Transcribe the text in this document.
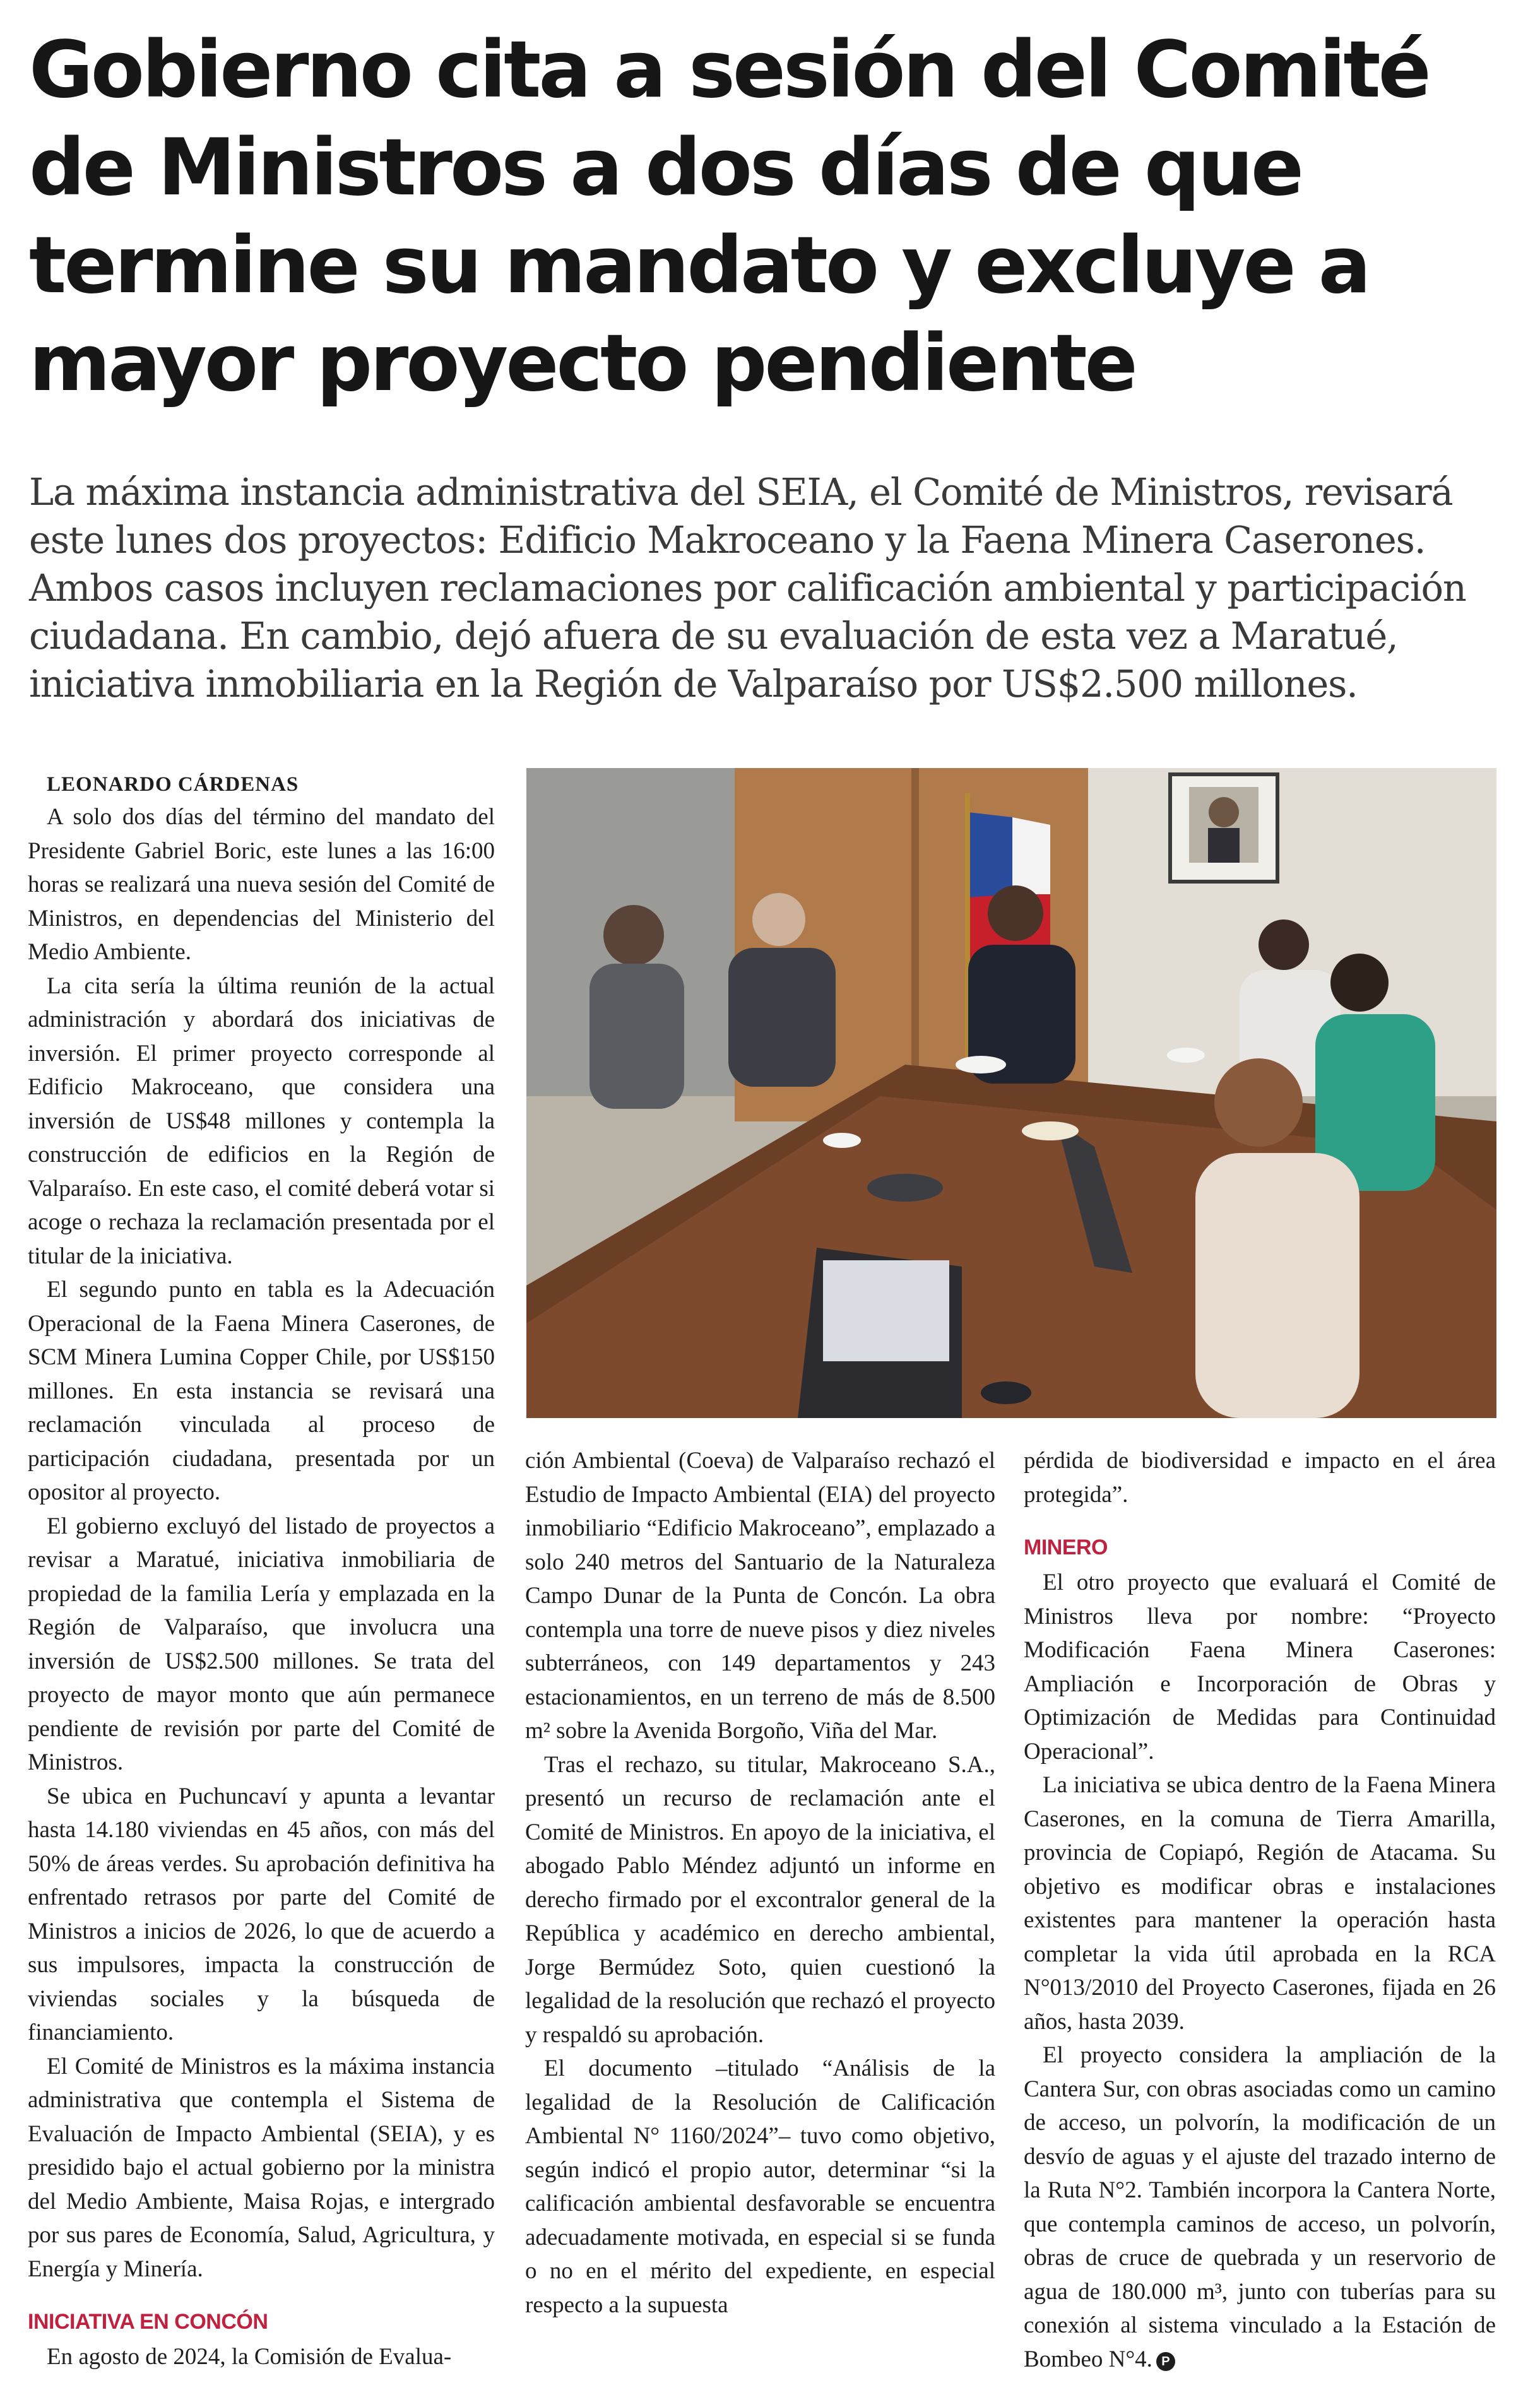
Gobierno cita a sesión del Comité de Ministros a dos días de que termine su mandato y excluye a mayor proyecto pendiente

La máxima instancia administrativa del SEIA, el Comité de Ministros, revisará este lunes dos proyectos: Edificio Makroceano y la Faena Minera Caserones. Ambos casos incluyen reclamaciones por calificación ambiental y participación ciudadana. En cambio, dejó afuera de su evaluación de esta vez a Maratué, iniciativa inmobiliaria en la Región de Valparaíso por US$2.500 millones.

LEONARDO CÁRDENAS

A solo dos días del término del mandato del Presidente Gabriel Boric, este lunes a las 16:00 horas se realizará una nueva sesión del Comité de Ministros, en dependencias del Ministerio del Medio Ambiente.

La cita sería la última reunión de la actual administración y abordará dos iniciativas de inversión. El primer proyecto corresponde al Edificio Makroceano, que considera una inversión de US$48 millones y contempla la construcción de edificios en la Región de Valparaíso. En este caso, el comité deberá votar si acoge o rechaza la reclamación presentada por el titular de la iniciativa.

El segundo punto en tabla es la Adecuación Operacional de la Faena Minera Caserones, de SCM Minera Lumina Copper Chile, por US$150 millones. En esta instancia se revisará una reclamación vinculada al proceso de participación ciudadana, presentada por un opositor al proyecto.

El gobierno excluyó del listado de proyectos a revisar a Maratué, iniciativa inmobiliaria de propiedad de la familia Lería y emplazada en la Región de Valparaíso, que involucra una inversión de US$2.500 millones. Se trata del proyecto de mayor monto que aún permanece pendiente de revisión por parte del Comité de Ministros.

Se ubica en Puchuncaví y apunta a levantar hasta 14.180 viviendas en 45 años, con más del 50% de áreas verdes. Su aprobación definitiva ha enfrentado retrasos por parte del Comité de Ministros a inicios de 2026, lo que de acuerdo a sus impulsores, impacta la construcción de viviendas sociales y la búsqueda de financiamiento.

El Comité de Ministros es la máxima instancia administrativa que contempla el Sistema de Evaluación de Impacto Ambiental (SEIA), y es presidido bajo el actual gobierno por la ministra del Medio Ambiente, Maisa Rojas, e intergrado por sus pares de Economía, Salud, Agricultura, y Energía y Minería.

INICIATIVA EN CONCÓN

En agosto de 2024, la Comisión de Evalua-

ción Ambiental (Coeva) de Valparaíso rechazó el Estudio de Impacto Ambiental (EIA) del proyecto inmobiliario “Edificio Makroceano”, emplazado a solo 240 metros del Santuario de la Naturaleza Campo Dunar de la Punta de Concón. La obra contempla una torre de nueve pisos y diez niveles subterráneos, con 149 departamentos y 243 estacionamientos, en un terreno de más de 8.500 m² sobre la Avenida Borgoño, Viña del Mar.

Tras el rechazo, su titular, Makroceano S.A., presentó un recurso de reclamación ante el Comité de Ministros. En apoyo de la iniciativa, el abogado Pablo Méndez adjuntó un informe en derecho firmado por el excontralor general de la República y académico en derecho ambiental, Jorge Bermúdez Soto, quien cuestionó la legalidad de la resolución que rechazó el proyecto y respaldó su aprobación.

El documento –titulado “Análisis de la legalidad de la Resolución de Calificación Ambiental N° 1160/2024”– tuvo como objetivo, según indicó el propio autor, determinar “si la calificación ambiental desfavorable se encuentra adecuadamente motivada, en especial si se funda o no en el mérito del expediente, en especial respecto a la supuesta

pérdida de biodiversidad e impacto en el área protegida”.

MINERO

El otro proyecto que evaluará el Comité de Ministros lleva por nombre: “Proyecto Modificación Faena Minera Caserones: Ampliación e Incorporación de Obras y Optimización de Medidas para Continuidad Operacional”.

La iniciativa se ubica dentro de la Faena Minera Caserones, en la comuna de Tierra Amarilla, provincia de Copiapó, Región de Atacama. Su objetivo es modificar obras e instalaciones existentes para mantener la operación hasta completar la vida útil aprobada en la RCA N°013/2010 del Proyecto Caserones, fijada en 26 años, hasta 2039.

El proyecto considera la ampliación de la Cantera Sur, con obras asociadas como un camino de acceso, un polvorín, la modificación de un desvío de aguas y el ajuste del trazado interno de la Ruta N°2. También incorpora la Cantera Norte, que contempla caminos de acceso, un polvorín, obras de cruce de quebrada y un reservorio de agua de 180.000 m³, junto con tuberías para su conexión al sistema vinculado a la Estación de Bombeo N°4. P
